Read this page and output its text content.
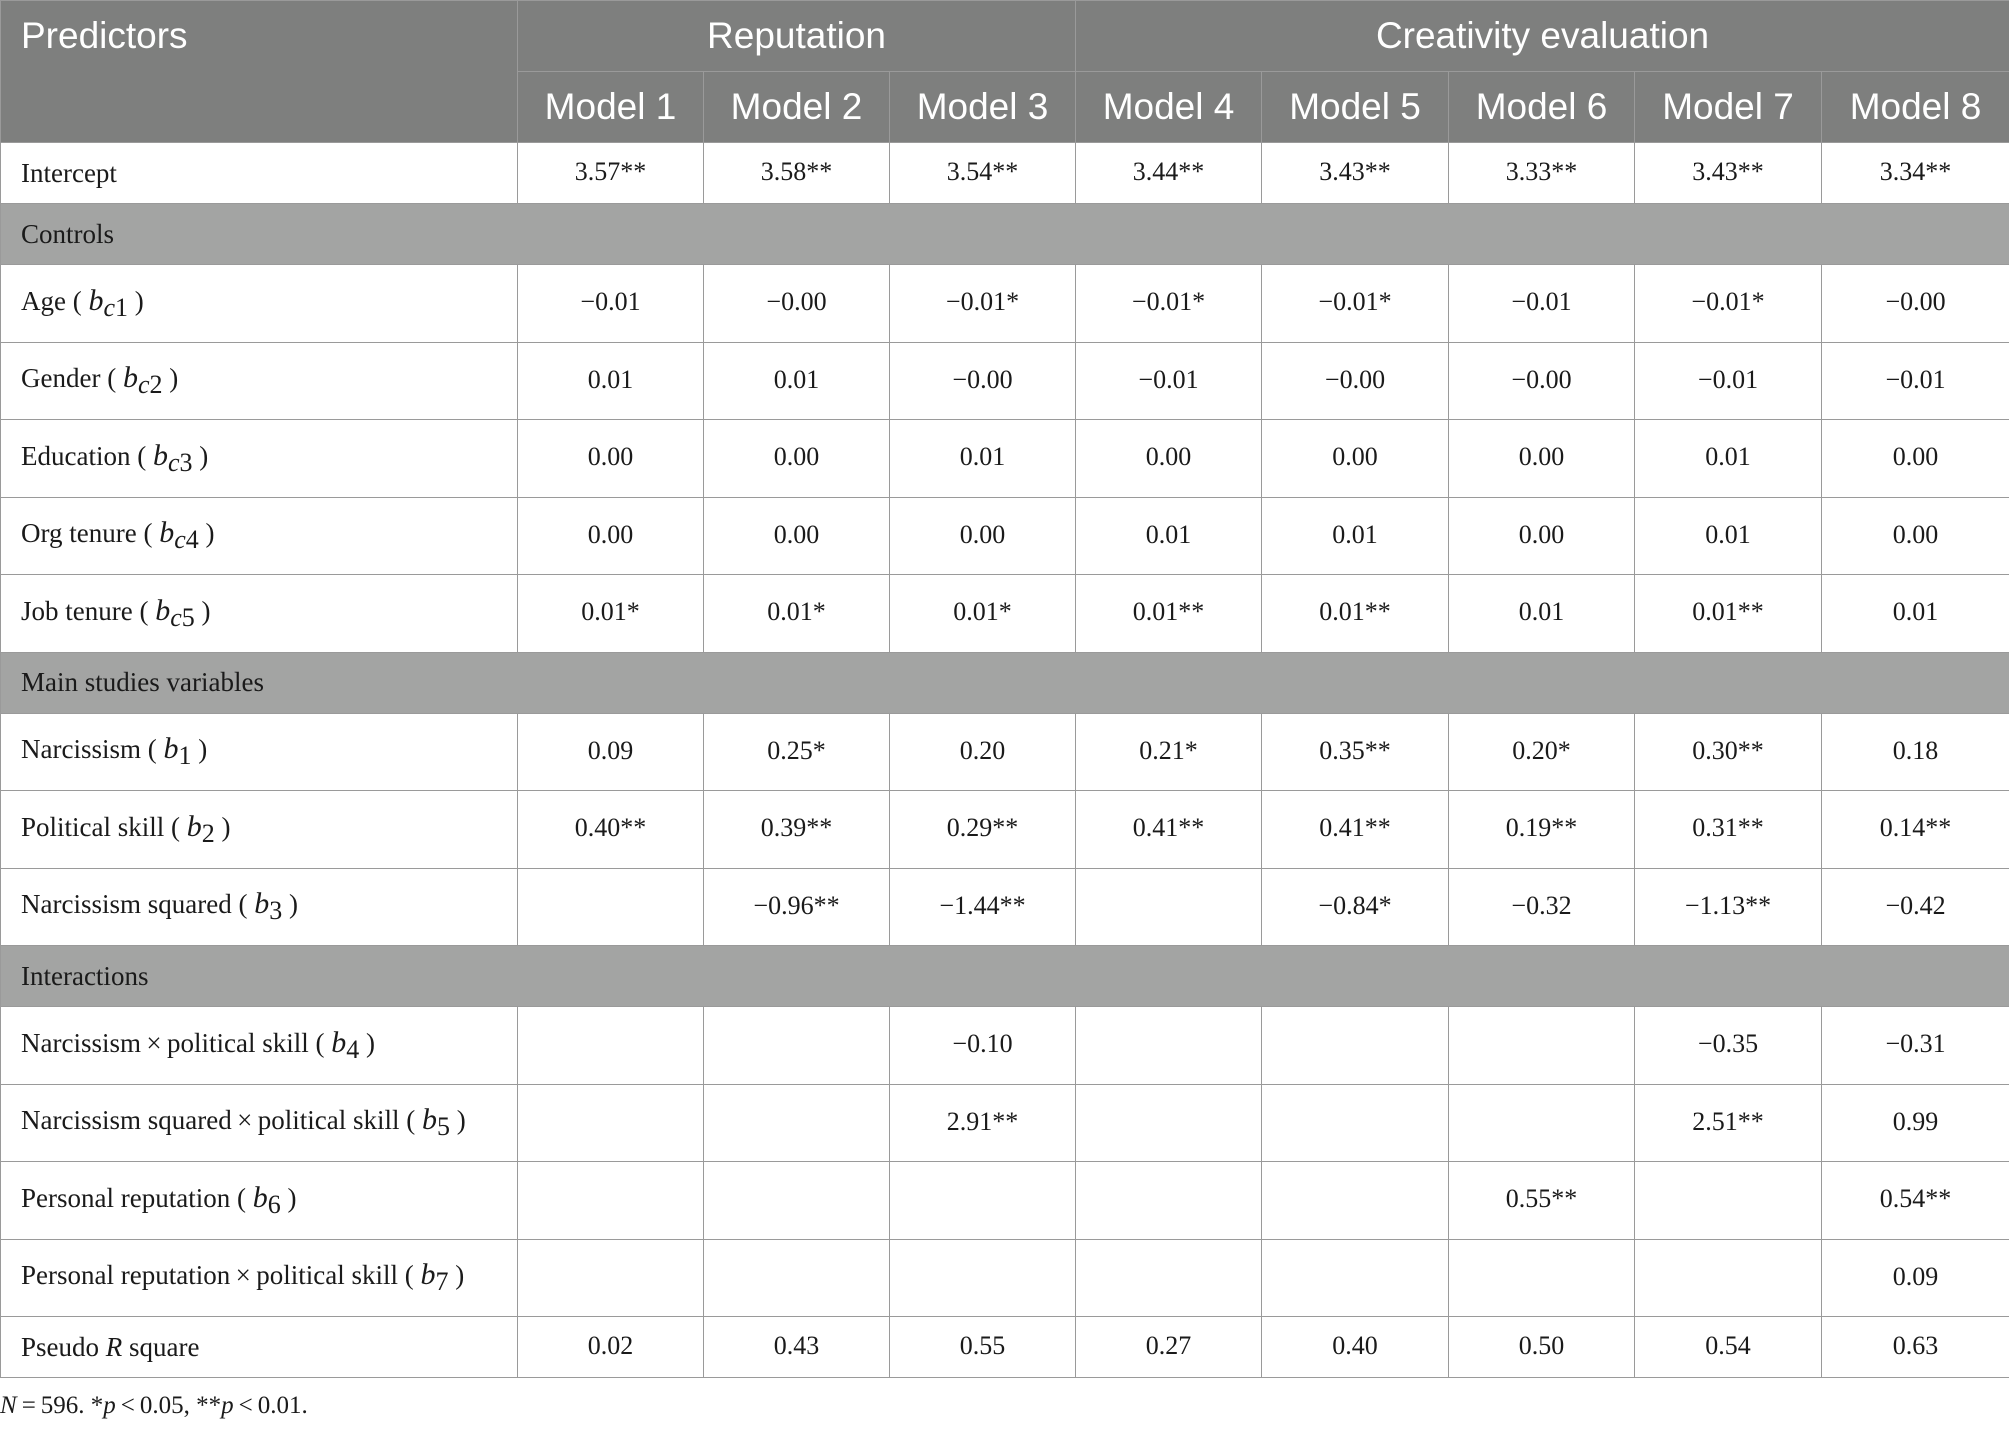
Predictors	Reputation			Creativity evaluation				
	Model 1	Model 2	Model 3	Model 4	Model 5	Model 6	Model 7	Model 8
Intercept	3.57**	3.58**	3.54**	3.44**	3.43**	3.33**	3.43**	3.34**
Controls								
Age ( bc1 )	−0.01	−0.00	−0.01*	−0.01*	−0.01*	−0.01	−0.01*	−0.00
Gender ( bc2 )	0.01	0.01	−0.00	−0.01	−0.00	−0.00	−0.01	−0.01
Education ( bc3 )	0.00	0.00	0.01	0.00	0.00	0.00	0.01	0.00
Org tenure ( bc4 )	0.00	0.00	0.00	0.01	0.01	0.00	0.01	0.00
Job tenure ( bc5 )	0.01*	0.01*	0.01*	0.01**	0.01**	0.01	0.01**	0.01
Main studies variables								
Narcissism ( b1 )	0.09	0.25*	0.20	0.21*	0.35**	0.20*	0.30**	0.18
Political skill ( b2 )	0.40**	0.39**	0.29**	0.41**	0.41**	0.19**	0.31**	0.14**
Narcissism squared ( b3 )		−0.96**	−1.44**		−0.84*	−0.32	−1.13**	−0.42
Interactions								
Narcissism × political skill ( b4 )			−0.10				−0.35	−0.31
Narcissism squared × political skill ( b5 )			2.91**				2.51**	0.99
Personal reputation ( b6 )						0.55**		0.54**
Personal reputation × political skill ( b7 )								0.09
Pseudo R square	0.02	0.43	0.55	0.27	0.40	0.50	0.54	0.63
N = 596. *p < 0.05, **p < 0.01.
